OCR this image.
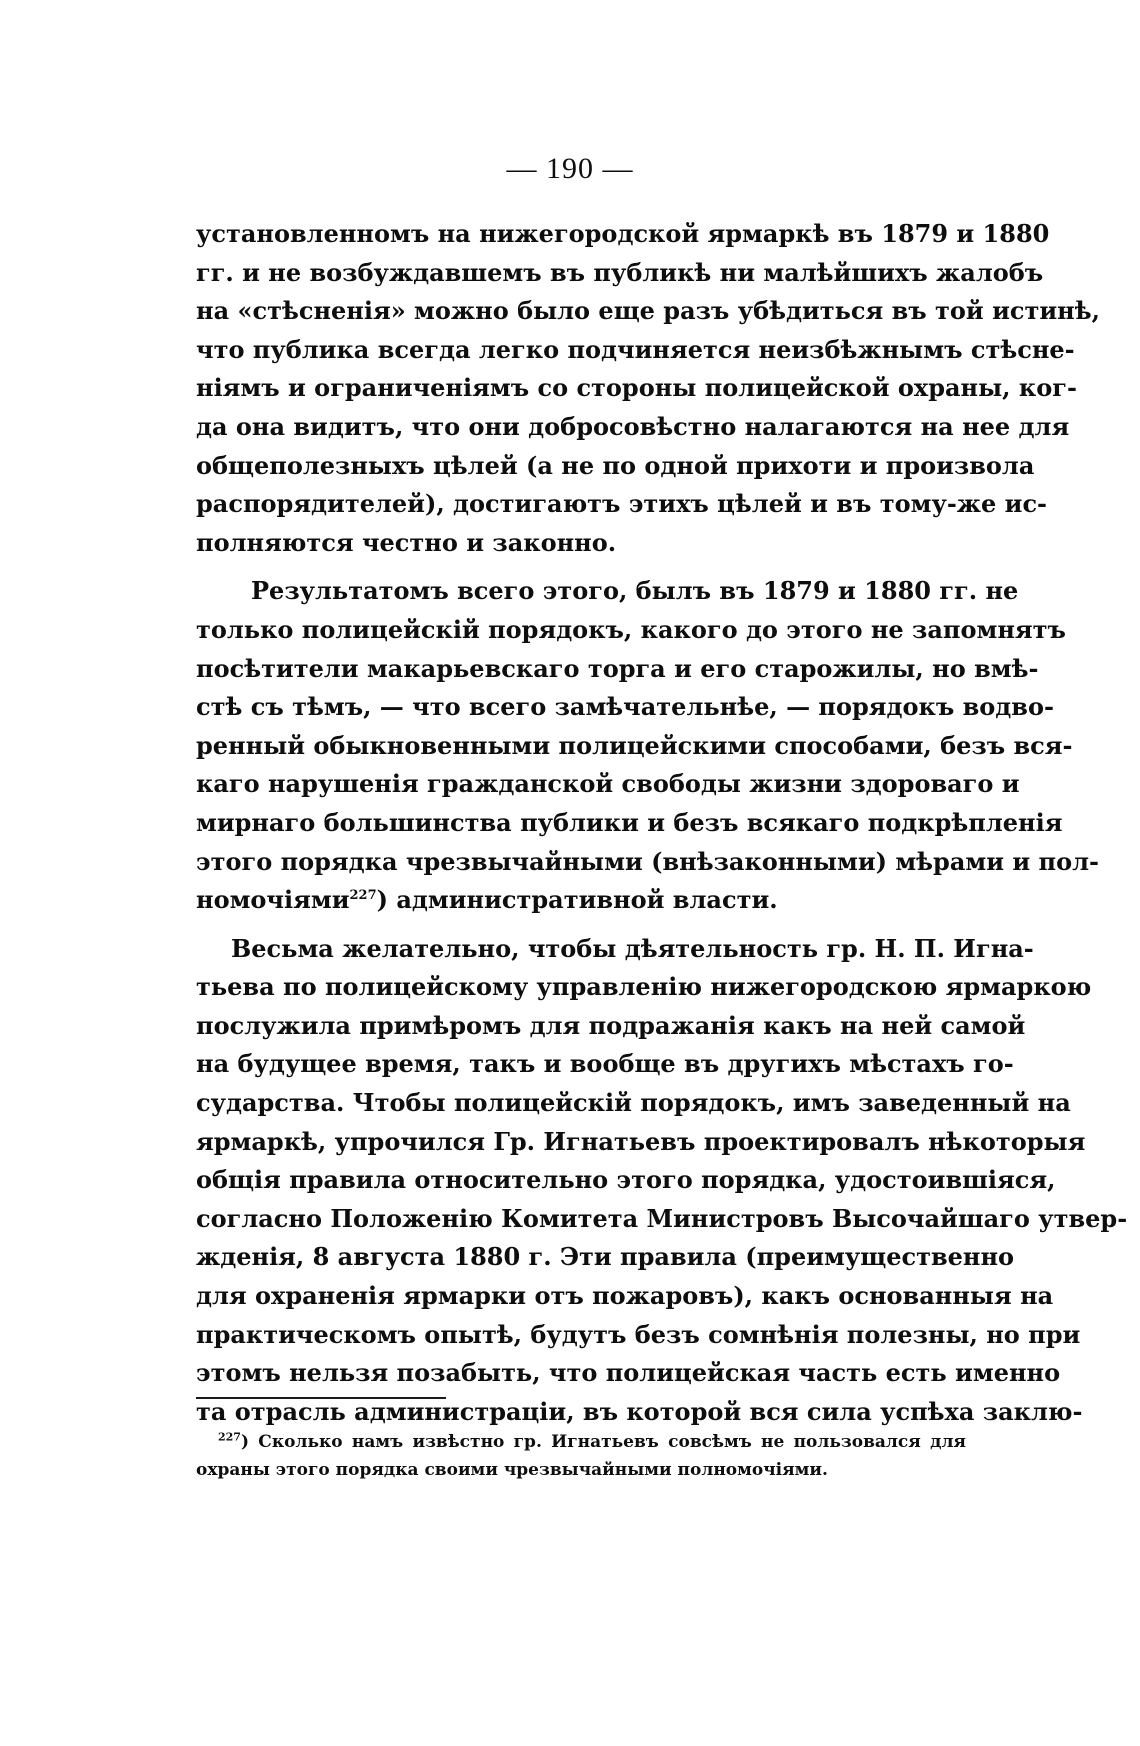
— 190 —
установленномъ на нижегородской ярмаркѣ въ 1879 и 1880
гг. и не возбуждавшемъ въ публикѣ ни малѣйшихъ жалобъ
на «стѣсненія» можно было еще разъ убѣдиться въ той истинѣ,
что публика всегда легко подчиняется неизбѣжнымъ стѣсне-
ніямъ и ограниченіямъ со стороны полицейской охраны, ког-
да она видитъ, что они добросовѣстно налагаются на нее для
общеполезныхъ цѣлей (а не по одной прихоти и произвола
распорядителей), достигаютъ этихъ цѣлей и въ тому-же ис-
полняются честно и законно.
Результатомъ всего этого, былъ въ 1879 и 1880 гг. не
только полицейскій порядокъ, какого до этого не запомнятъ
посѣтители макарьевскаго торга и его старожилы, но вмѣ-
стѣ съ тѣмъ, — что всего замѣчательнѣе, — порядокъ водво-
ренный обыкновенными полицейскими способами, безъ вся-
каго нарушенія гражданской свободы жизни здороваго и
мирнаго большинства публики и безъ всякаго подкрѣпленія
этого порядка чрезвычайными (внѣзаконными) мѣрами и пол-
номочіями$^{227}$) административной власти.
Весьма желательно, чтобы дѣятельность гр. Н. П. Игна-
тьева по полицейскому управленію нижегородскою ярмаркою
послужила примѣромъ для подражанія какъ на ней самой
на будущее время, такъ и вообще въ другихъ мѣстахъ го-
сударства. Чтобы полицейскій порядокъ, имъ заведенный на
ярмаркѣ, упрочился Гр. Игнатьевъ проектировалъ нѣкоторыя
общія правила относительно этого порядка, удостоившіяся,
согласно Положенію Комитета Министровъ Высочайшаго утвер-
жденія, 8 августа 1880 г. Эти правила (преимущественно
для охраненія ярмарки отъ пожаровъ), какъ основанныя на
практическомъ опытѣ, будутъ безъ сомнѣнія полезны, но при
этомъ нельзя позабыть, что полицейская часть есть именно
та отрасль администраціи, въ которой вся сила успѣха заклю-
$^{227}$) Сколько намъ извѣстно гр. Игнатьевъ совсѣмъ не пользовался для
охраны этого порядка своими чрезвычайными полномочіями.
